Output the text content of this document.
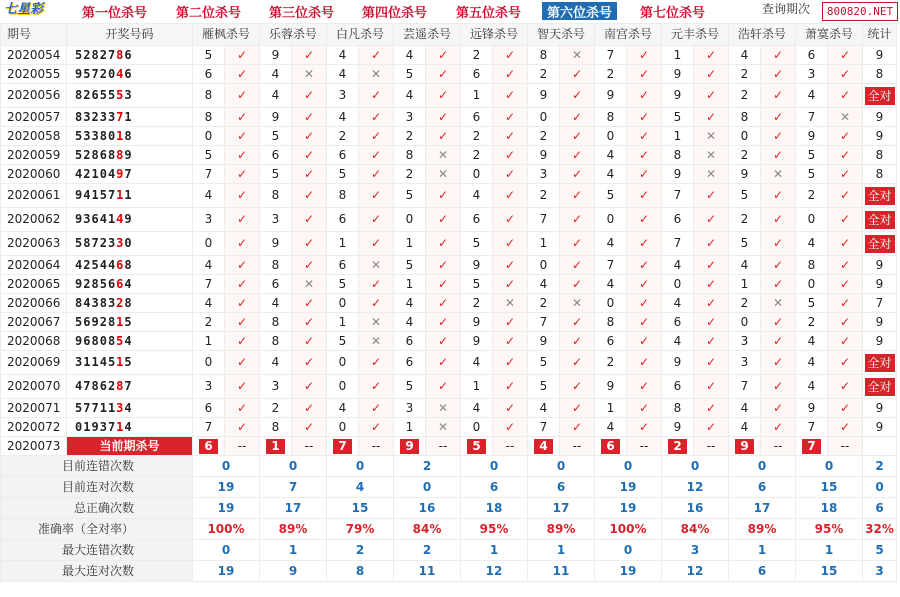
七星彩	第一位杀号	第二位杀号	第三位杀号	第四位杀号	第五位杀号	第六位杀号	第七位杀号	查询期次	800820.NET
期号	开奖号码	雁枫杀号		乐蓉杀号		白凡杀号		芸遥杀号		远锋杀号		智天杀号		南宫杀号		元丰杀号		浩轩杀号		萧寞杀号		统计
2020054	5282786	5	✓	9	✓	4	✓	4	✓	2	✓	8	✕	7	✓	1	✓	4	✓	6	✓	9
2020055	9572046	6	✓	4	✕	4	✕	5	✓	6	✓	2	✓	2	✓	9	✓	2	✓	3	✓	8
2020056	8265553	8	✓	4	✓	3	✓	4	✓	1	✓	9	✓	9	✓	9	✓	2	✓	4	✓	全对
2020057	8323371	8	✓	9	✓	4	✓	3	✓	6	✓	0	✓	8	✓	5	✓	8	✓	7	✕	9
2020058	5338018	0	✓	5	✓	2	✓	2	✓	2	✓	2	✓	0	✓	1	✕	0	✓	9	✓	9
2020059	5286889	5	✓	6	✓	6	✓	8	✕	2	✓	9	✓	4	✓	8	✕	2	✓	5	✓	8
2020060	4210497	7	✓	5	✓	5	✓	2	✕	0	✓	3	✓	4	✓	9	✕	9	✕	5	✓	8
2020061	9415711	4	✓	8	✓	8	✓	5	✓	4	✓	2	✓	5	✓	7	✓	5	✓	2	✓	全对
2020062	9364149	3	✓	3	✓	6	✓	0	✓	6	✓	7	✓	0	✓	6	✓	2	✓	0	✓	全对
2020063	5872330	0	✓	9	✓	1	✓	1	✓	5	✓	1	✓	4	✓	7	✓	5	✓	4	✓	全对
2020064	4254468	4	✓	8	✓	6	✕	5	✓	9	✓	0	✓	7	✓	4	✓	4	✓	8	✓	9
2020065	9285664	7	✓	6	✕	5	✓	1	✓	5	✓	4	✓	4	✓	0	✓	1	✓	0	✓	9
2020066	8438328	4	✓	4	✓	0	✓	4	✓	2	✕	2	✕	0	✓	4	✓	2	✕	5	✓	7
2020067	5692815	2	✓	8	✓	1	✕	4	✓	9	✓	7	✓	8	✓	6	✓	0	✓	2	✓	9
2020068	9680854	1	✓	8	✓	5	✕	6	✓	9	✓	9	✓	6	✓	4	✓	3	✓	4	✓	9
2020069	3114515	0	✓	4	✓	0	✓	6	✓	4	✓	5	✓	2	✓	9	✓	3	✓	4	✓	全对
2020070	4786287	3	✓	3	✓	0	✓	5	✓	1	✓	5	✓	9	✓	6	✓	7	✓	4	✓	全对
2020071	5771134	6	✓	2	✓	4	✓	3	✕	4	✓	4	✓	1	✓	8	✓	4	✓	9	✓	9
2020072	0193714	7	✓	8	✓	0	✓	1	✕	0	✓	7	✓	4	✓	9	✓	4	✓	7	✓	9
2020073	当前期杀号	6	--	1	--	7	--	9	--	5	--	4	--	6	--	2	--	9	--	7	--	
目前连错次数		0		0		0		2		0		0		0		0		0		0		2
目前连对次数		19		7		4		0		6		6		19		12		6		15		0
总正确次数		19		17		15		16		18		17		19		16		17		18		6
准确率（全对率）		100%		89%		79%		84%		95%		89%		100%		84%		89%		95%		32%
最大连错次数		0		1		2		2		1		1		0		3		1		1		5
最大连对次数		19		9		8		11		12		11		19		12		6		15		3
